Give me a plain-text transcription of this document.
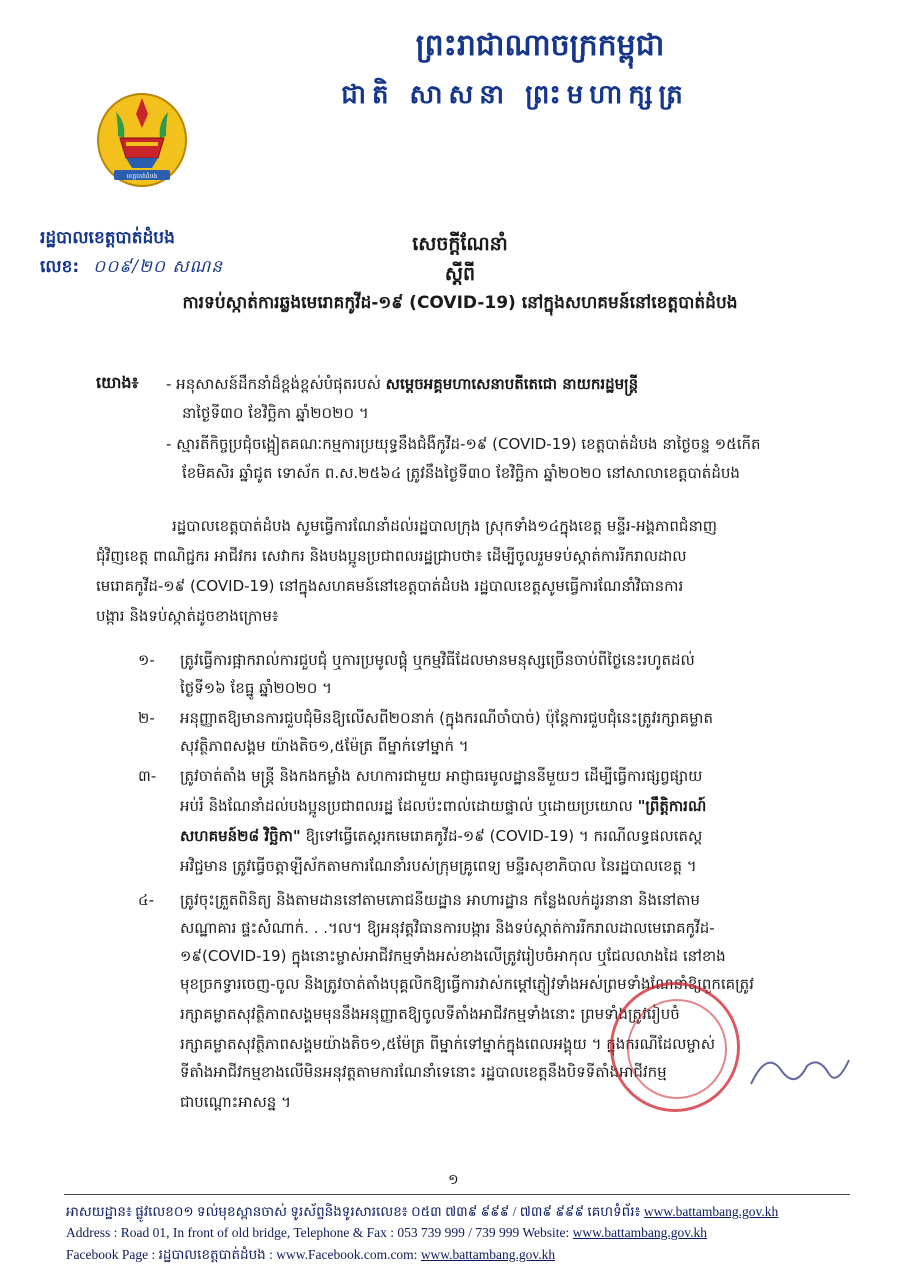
ព្រះរាជាណាចក្រកម្ពុជា
ជាតិ សាសនា ព្រះមហាក្សត្រ
ខេត្តបាត់ដំបង
រដ្ឋបាលខេត្តបាត់ដំបង
លេខ: ០០៩/២០ សណន
សេចក្តីណែនាំ
ស្តីពី
ការទប់ស្កាត់ការឆ្លងមេរោគកូវីដ-១៩ (COVID-19) នៅក្នុងសហគមន៍នៅខេត្តបាត់ដំបង
យោង៖ - អនុសាសន៍ដឹកនាំដ៏ខ្ពង់ខ្ពស់បំផុតរបស់ សម្តេចអគ្គមហាសេនាបតីតេជោ នាយករដ្ឋមន្ត្រី
នាថ្ងៃទី៣០ ខែវិច្ឆិកា ឆ្នាំ២០២០ ។
- ស្មារតីកិច្ចប្រជុំចង្អៀតគណៈកម្មការប្រយុទ្ធនឹងជំងឺកូវីដ-១៩ (COVID-19) ខេត្តបាត់ដំបង នាថ្ងៃចន្ទ ១៥កើត
ខែមិគសិរ ឆ្នាំជូត ទោស័ក ព.ស.២៥៦៤ ត្រូវនឹងថ្ងៃទី៣០ ខែវិច្ឆិកា ឆ្នាំ២០២០ នៅសាលាខេត្តបាត់ដំបង
រដ្ឋបាលខេត្តបាត់ដំបង សូមធ្វើការណែនាំដល់រដ្ឋបាលក្រុង ស្រុកទាំង១៤ក្នុងខេត្ត មន្ទីរ-អង្គភាពជំនាញ
ជុំវិញខេត្ត ពាណិជ្ជករ អាជីវករ សេវាករ និងបងប្អូនប្រជាពលរដ្ឋជ្រាបថា៖ ដើម្បីចូលរួមទប់ស្កាត់ការរីករាលដាល
មេរោគកូវីដ-១៩ (COVID-19) នៅក្នុងសហគមន៍នៅខេត្តបាត់ដំបង រដ្ឋបាលខេត្តសូមធ្វើការណែនាំវិធានការ
បង្ការ និងទប់ស្កាត់ដូចខាងក្រោម៖
១- ត្រូវធ្វើការផ្អាករាល់ការជួបជុំ ឬការប្រមូលផ្តុំ ឬកម្មវិធីដែលមានមនុស្សច្រើនចាប់ពីថ្ងៃនេះរហូតដល់
ថ្ងៃទី១៦ ខែធ្នូ ឆ្នាំ២០២០ ។
២- អនុញ្ញាតឱ្យមានការជួបជុំមិនឱ្យលើសពី២០នាក់ (ក្នុងករណីចាំបាច់) ប៉ុន្តែការជួបជុំនេះត្រូវរក្សាគម្លាត
សុវត្ថិភាពសង្គម យ៉ាងតិច១,៥ម៉ែត្រ ពីម្នាក់ទៅម្នាក់ ។
៣- ត្រូវចាត់តាំង មន្ត្រី និងកងកម្លាំង សហការជាមួយ អាជ្ញាធរមូលដ្ឋាននីមួយៗ ដើម្បីធ្វើការផ្សព្វផ្សាយ
អប់រំ និងណែនាំដល់បងប្អូនប្រជាពលរដ្ឋ ដែលប៉ះពាល់ដោយផ្ទាល់ ឬដោយប្រយោល "ព្រឹត្តិការណ៍
សហគមន៍២៨ វិច្ឆិកា" ឱ្យទៅធ្វើតេស្តរកមេរោគកូវីដ-១៩ (COVID-19) ។ ករណីលទ្ធផលតេស្ត
អវិជ្ជមាន ត្រូវធ្វើចត្តាឡីស័កតាមការណែនាំរបស់ក្រុមគ្រូពេទ្យ មន្ទីរសុខាភិបាល នៃរដ្ឋបាលខេត្ត ។
៤- ត្រូវចុះត្រួតពិនិត្យ និងតាមដាននៅតាមភោជនីយដ្ឋាន អាហារដ្ឋាន កន្លែងលក់ដូរនានា និងនៅតាម
សណ្ឋាគារ ផ្ទះសំណាក់. . .។ល។ ឱ្យអនុវត្តវិធានការបង្ការ និងទប់ស្កាត់ការរីករាលដាលមេរោគកូវីដ-
១៩(COVID-19) ក្នុងនោះម្ចាស់អាជីវកម្មទាំងអស់ខាងលើត្រូវរៀបចំអាកុល ឬជែលលាងដៃ នៅខាង
មុខច្រកទ្វារចេញ-ចូល និងត្រូវចាត់តាំងបុគ្គលិកឱ្យធ្វើការវាស់កម្តៅភ្ញៀវទាំងអស់ព្រមទាំងណែនាំឱ្យពួកគេត្រូវ
រក្សាគម្លាតសុវត្ថិភាពសង្គមមុននឹងអនុញ្ញាតឱ្យចូលទីតាំងអាជីវកម្មទាំងនោះ ព្រមទាំងត្រូវរៀបចំ
រក្សាគម្លាតសុវត្ថិភាពសង្គមយ៉ាងតិច១,៥ម៉ែត្រ ពីម្នាក់ទៅម្នាក់ក្នុងពេលអង្គុយ ។ ក្នុងករណីដែលម្ចាស់
ទីតាំងអាជីវកម្មខាងលើមិនអនុវត្តតាមការណែនាំទេនោះ រដ្ឋបាលខេត្តនឹងបិទទីតាំងអាជីវកម្ម
ជាបណ្តោះអាសន្ន ។
១
អាសយដ្ឋាន៖ ផ្លូវលេខ០១ ទល់មុខស្ពានចាស់ ទូរស័ព្ទនិងទូរសារលេខ៖ ០៥៣ ៧៣៩ ៩៩៩ / ៧៣៩ ៩៩៩ គេហទំព័រ៖ www.battambang.gov.kh
Address : Road 01, In front of old bridge, Telephone & Fax : 053 739 999 / 739 999 Website: www.battambang.gov.kh
Facebook Page : រដ្ឋបាលខេត្តបាត់ដំបង : www.Facebook.com.com: www.battambang.gov.kh
